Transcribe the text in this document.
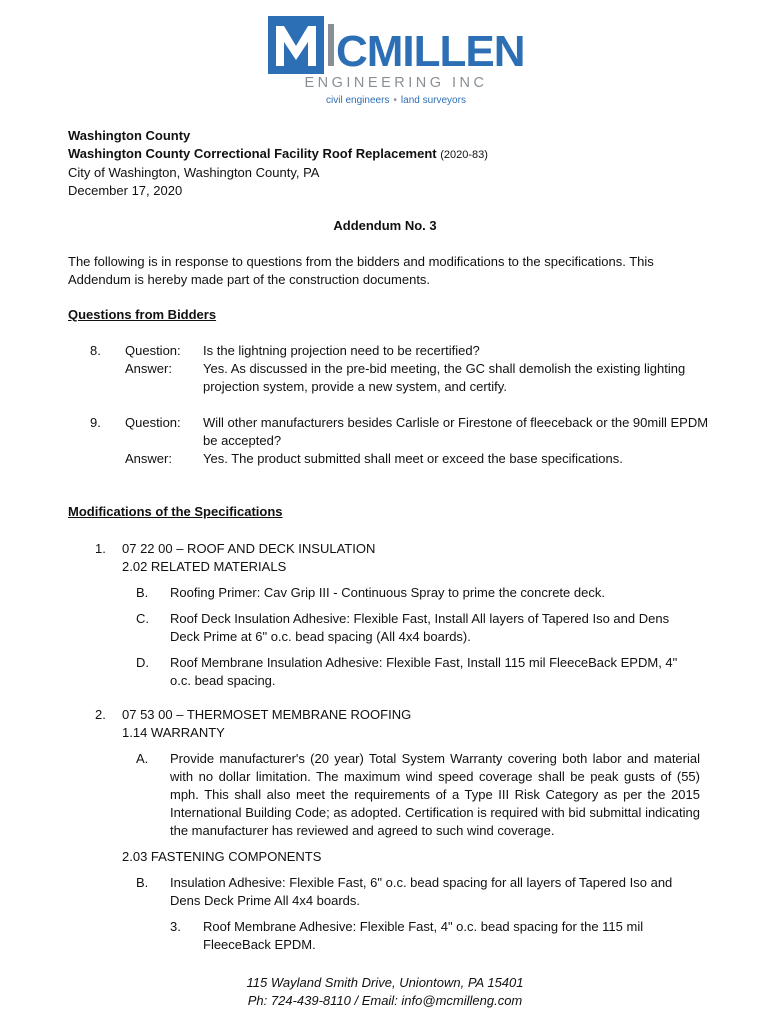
CMILLEN
ENGINEERING INC
civil engineers • land surveyors
Washington County
Washington County Correctional Facility Roof Replacement (2020-83)
City of Washington, Washington County, PA
December 17, 2020
Addendum No. 3
The following is in response to questions from the bidders and modifications to the specifications. This Addendum is hereby made part of the construction documents.
Questions from Bidders
8. Question: Is the lightning projection need to be recertified?
Answer: Yes. As discussed in the pre-bid meeting, the GC shall demolish the existing lighting projection system, provide a new system, and certify.
9. Question: Will other manufacturers besides Carlisle or Firestone of fleeceback or the 90mill EPDM be accepted?
Answer: Yes. The product submitted shall meet or exceed the base specifications.
Modifications of the Specifications
1. 07 22 00 – ROOF AND DECK INSULATION
2.02 RELATED MATERIALS
B. Roofing Primer: Cav Grip III - Continuous Spray to prime the concrete deck.
C. Roof Deck Insulation Adhesive: Flexible Fast, Install All layers of Tapered Iso and Dens Deck Prime at 6" o.c. bead spacing (All 4x4 boards).
D. Roof Membrane Insulation Adhesive: Flexible Fast, Install 115 mil FleeceBack EPDM, 4" o.c. bead spacing.
2. 07 53 00 – THERMOSET MEMBRANE ROOFING
1.14 WARRANTY
A. Provide manufacturer's (20 year) Total System Warranty covering both labor and material with no dollar limitation. The maximum wind speed coverage shall be peak gusts of (55) mph. This shall also meet the requirements of a Type III Risk Category as per the 2015 International Building Code; as adopted. Certification is required with bid submittal indicating the manufacturer has reviewed and agreed to such wind coverage.
2.03 FASTENING COMPONENTS
B. Insulation Adhesive: Flexible Fast, 6" o.c. bead spacing for all layers of Tapered Iso and Dens Deck Prime All 4x4 boards.
3. Roof Membrane Adhesive: Flexible Fast, 4" o.c. bead spacing for the 115 mil FleeceBack EPDM.
115 Wayland Smith Drive, Uniontown, PA 15401
Ph: 724-439-8110 / Email: info@mcmilleng.com
